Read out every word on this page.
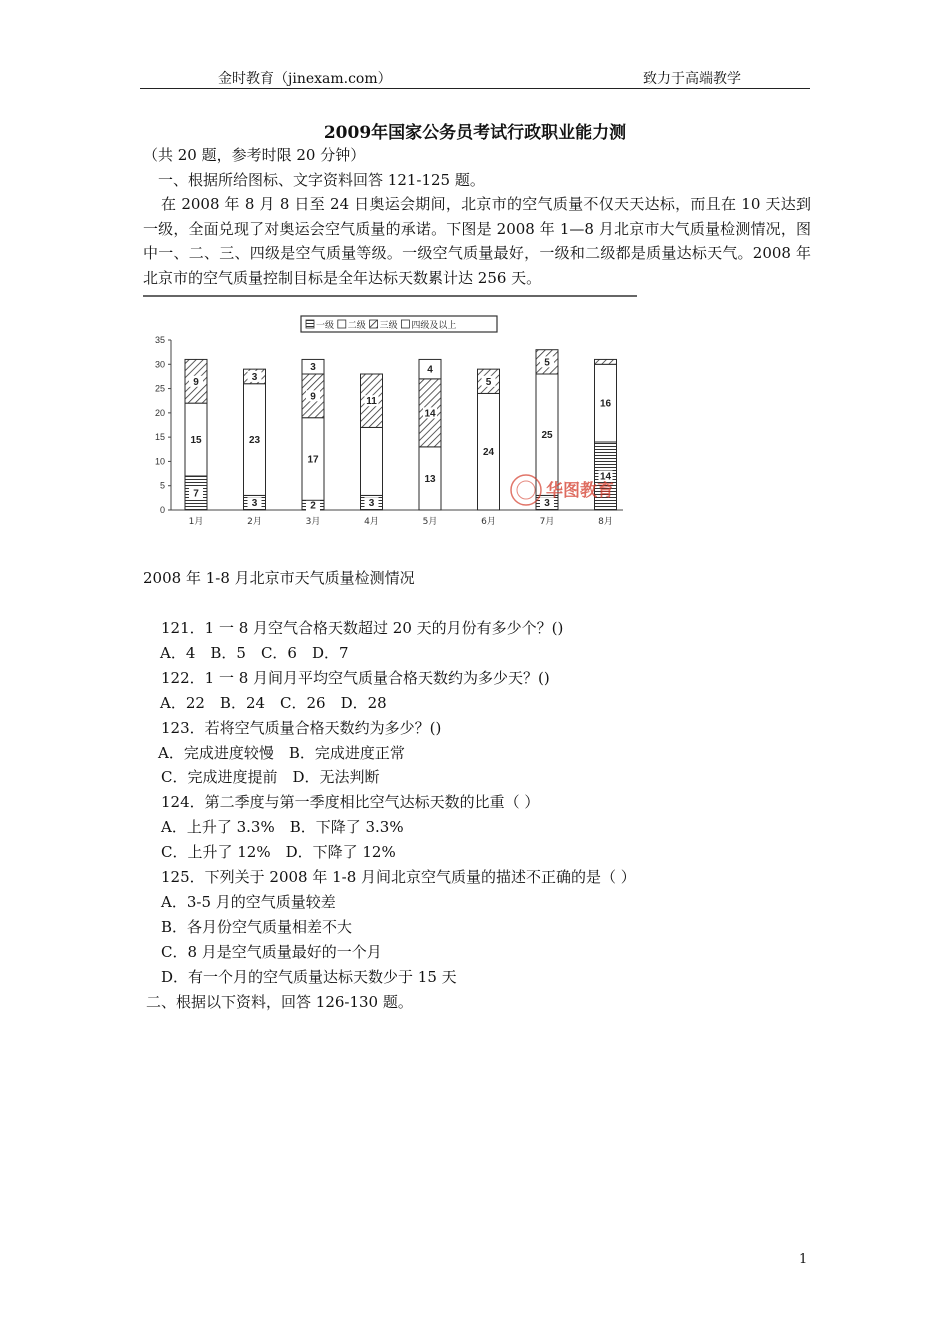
金时教育（jinexam.com）	致力于高端教学
2009年国家公务员考试行政职业能力测
（共 20 题，参考时限 20 分钟）
一、根据所给图标、文字资料回答 121-125 题。
在 2008 年 8 月 8 日至 24 日奥运会期间，北京市的空气质量不仅天天达标，而且在 10 天达到一级，全面兑现了对奥运会空气质量的承诺。下图是 2008 年 1—8 月北京市大气质量检测情况，图中一、二、三、四级是空气质量等级。一级空气质量最好，一级和二级都是质量达标天气。2008 年北京市的空气质量控制目标是全年达标天数累计达 256 天。
一级 二级 三级 四级及以上
0
5
10
15
20
25
30
35
7
15
9
3
23
3
2
17
9
3
3
11
13
14
4
24
5
3
25
5
14
16
1月	2月	3月	4月	5月	6月	7月	8月
华图教育
2008 年 1-8 月北京市天气质量检测情况
121．1 一 8 月空气合格天数超过 20 天的月份有多少个？()
A．4　B．5　C．6　D．7
122．1 一 8 月间月平均空气质量合格天数约为多少天？()
A．22　B．24　C．26　D．28
123．若将空气质量合格天数约为多少？()
A．完成进度较慢　B．完成进度正常
C．完成进度提前　D．无法判断
124．第二季度与第一季度相比空气达标天数的比重（ ）
A．上升了 3.3%　B．下降了 3.3%
C．上升了 12%　D．下降了 12%
125．下列关于 2008 年 1-8 月间北京空气质量的描述不正确的是（ ）
A．3-5 月的空气质量较差
B．各月份空气质量相差不大
C．8 月是空气质量最好的一个月
D．有一个月的空气质量达标天数少于 15 天
二、根据以下资料，回答 126-130 题。
1
